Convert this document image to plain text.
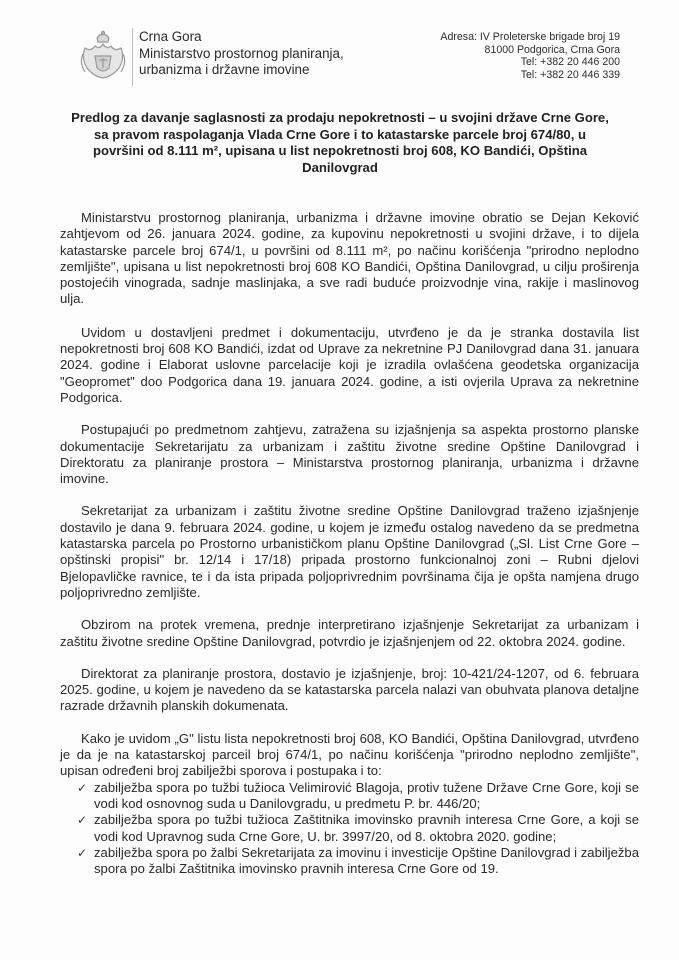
Crna Gora
Ministarstvo prostornog planiranja,
urbanizma i državne imovine
Adresa: IV Proleterske brigade broj 19
81000 Podgorica, Crna Gora
Tel: +382 20 446 200
Tel: +382 20 446 339
Predlog za davanje saglasnosti za prodaju nepokretnosti – u svojini države Crne Gore, sa pravom raspolaganja Vlada Crne Gore i to katastarske parcele broj 674/80, u površini od 8.111 m², upisana u list nepokretnosti broj 608, KO Bandići, Opština Danilovgrad

Ministarstvu prostornog planiranja, urbanizma i državne imovine obratio se Dejan Keković zahtjevom od 26. januara 2024. godine, za kupovinu nepokretnosti u svojini države, i to dijela katastarske parcele broj 674/1, u površini od 8.111 m², po načinu korišćenja "prirodno neplodno zemljište", upisana u list nepokretnosti broj 608 KO Bandići, Opština Danilovgrad, u cilju proširenja postojećih vinograda, sadnje maslinjaka, a sve radi buduće proizvodnje vina, rakije i maslinovog ulja.

Uvidom u dostavljeni predmet i dokumentaciju, utvrđeno je da je stranka dostavila list nepokretnosti broj 608 KO Bandići, izdat od Uprave za nekretnine PJ Danilovgrad dana 31. januara 2024. godine i Elaborat uslovne parcelacije koji je izradila ovlašćena geodetska organizacija "Geopromet" doo Podgorica dana 19. januara 2024. godine, a isti ovjerila Uprava za nekretnine Podgorica.

Postupajući po predmetnom zahtjevu, zatražena su izjašnjenja sa aspekta prostorno planske dokumentacije Sekretarijatu za urbanizam i zaštitu životne sredine Opštine Danilovgrad i Direktoratu za planiranje prostora – Ministarstva prostornog planiranja, urbanizma i državne imovine.

Sekretarijat za urbanizam i zaštitu životne sredine Opštine Danilovgrad traženo izjašnjenje dostavilo je dana 9. februara 2024. godine, u kojem je između ostalog navedeno da se predmetna katastarska parcela po Prostorno urbanističkom planu Opštine Danilovgrad („Sl. List Crne Gore – opštinski propisi" br. 12/14 i 17/18) pripada prostorno funkcionalnoj zoni – Rubni djelovi Bjelopavličke ravnice, te i da ista pripada poljoprivrednim površinama čija je opšta namjena drugo poljoprivredno zemljište.

Obzirom na protek vremena, prednje interpretirano izjašnjenje Sekretarijat za urbanizam i zaštitu životne sredine Opštine Danilovgrad, potvrdio je izjašnjenjem od 22. oktobra 2024. godine.

Direktorat za planiranje prostora, dostavio je izjašnjenje, broj: 10-421/24-1207, od 6. februara 2025. godine, u kojem je navedeno da se katastarska parcela nalazi van obuhvata planova detaljne razrade državnih planskih dokumenata.

Kako je uvidom „G" listu lista nepokretnosti broj 608, KO Bandići, Opština Danilovgrad, utvrđeno je da je na katastarskoj parceil broj 674/1, po načinu korišćenja "prirodno neplodno zemljište", upisan određeni broj zabilježbi sporova i postupaka i to:

✓ zabilježba spora po tužbi tužioca Velimirović Blagoja, protiv tužene Države Crne Gore, koji se vodi kod osnovnog suda u Danilovgradu, u predmetu P. br. 446/20;
✓ zabilježba spora po tužbi tužioca Zaštitnika imovinsko pravnih interesa Crne Gore, a koji se vodi kod Upravnog suda Crne Gore, U. br. 3997/20, od 8. oktobra 2020. godine;
✓ zabilježba spora po žalbi Sekretarijata za imovinu i investicije Opštine Danilovgrad i zabilježba spora po žalbi Zaštitnika imovinsko pravnih interesa Crne Gore od 19.
